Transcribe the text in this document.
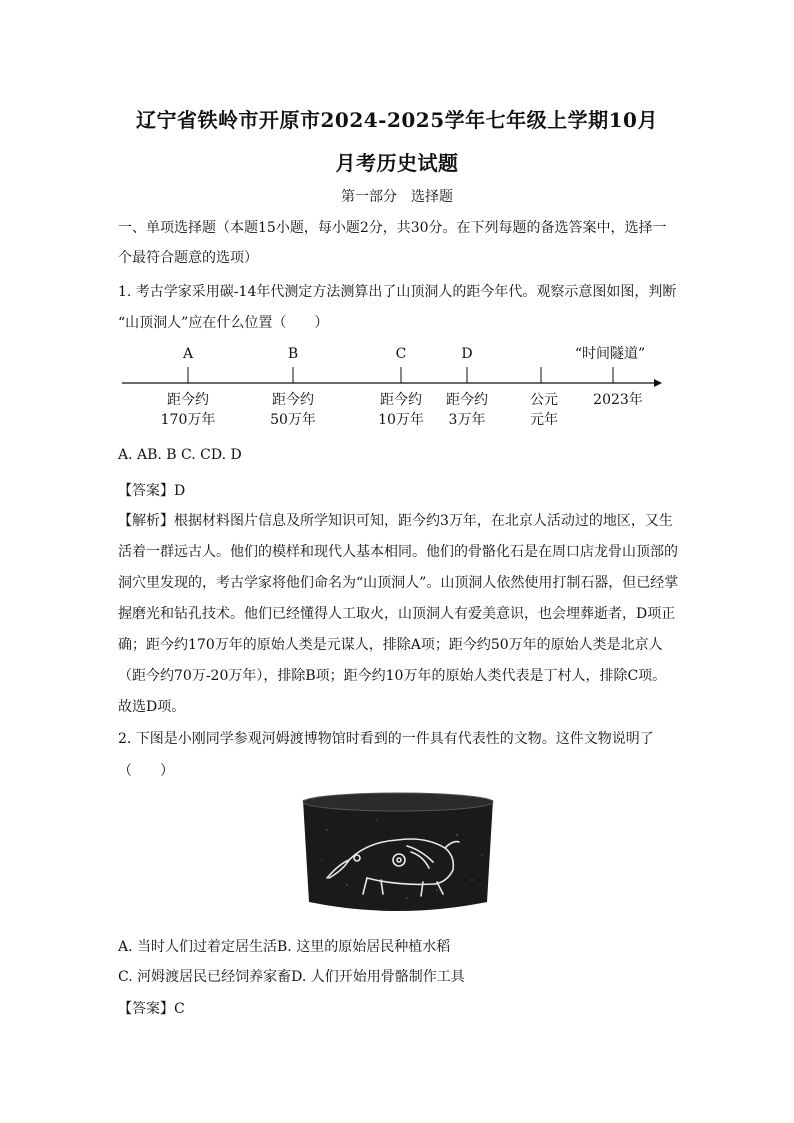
辽宁省铁岭市开原市2024-2025学年七年级上学期10月
月考历史试题
第一部分　选择题
一、单项选择题（本题15小题，每小题2分，共30分。在下列每题的备选答案中，选择一
个最符合题意的选项）
1. 考古学家采用碳-14年代测定方法测算出了山顶洞人的距今年代。观察示意图如图，判断
“山顶洞人”应在什么位置（　　）
A	B	C	D	“时间隧道”
距今约
170万年
距今约
50万年
距今约
10万年
距今约
3万年
公元
元年
2023年
A. AB. B C. CD. D
【答案】D
【解析】根据材料图片信息及所学知识可知，距今约3万年，在北京人活动过的地区，又生
活着一群远古人。他们的模样和现代人基本相同。他们的骨骼化石是在周口店龙骨山顶部的
洞穴里发现的，考古学家将他们命名为“山顶洞人”。山顶洞人依然使用打制石器，但已经掌
握磨光和钻孔技术。他们已经懂得人工取火，山顶洞人有爱美意识，也会埋葬逝者，D项正
确；距今约170万年的原始人类是元谋人，排除A项；距今约50万年的原始人类是北京人
（距今约70万-20万年），排除B项；距今约10万年的原始人类代表是丁村人，排除C项。
故选D项。
2. 下图是小刚同学参观河姆渡博物馆时看到的一件具有代表性的文物。这件文物说明了
（　　）
A. 当时人们过着定居生活B. 这里的原始居民种植水稻
C. 河姆渡居民已经饲养家畜D. 人们开始用骨骼制作工具
【答案】C
